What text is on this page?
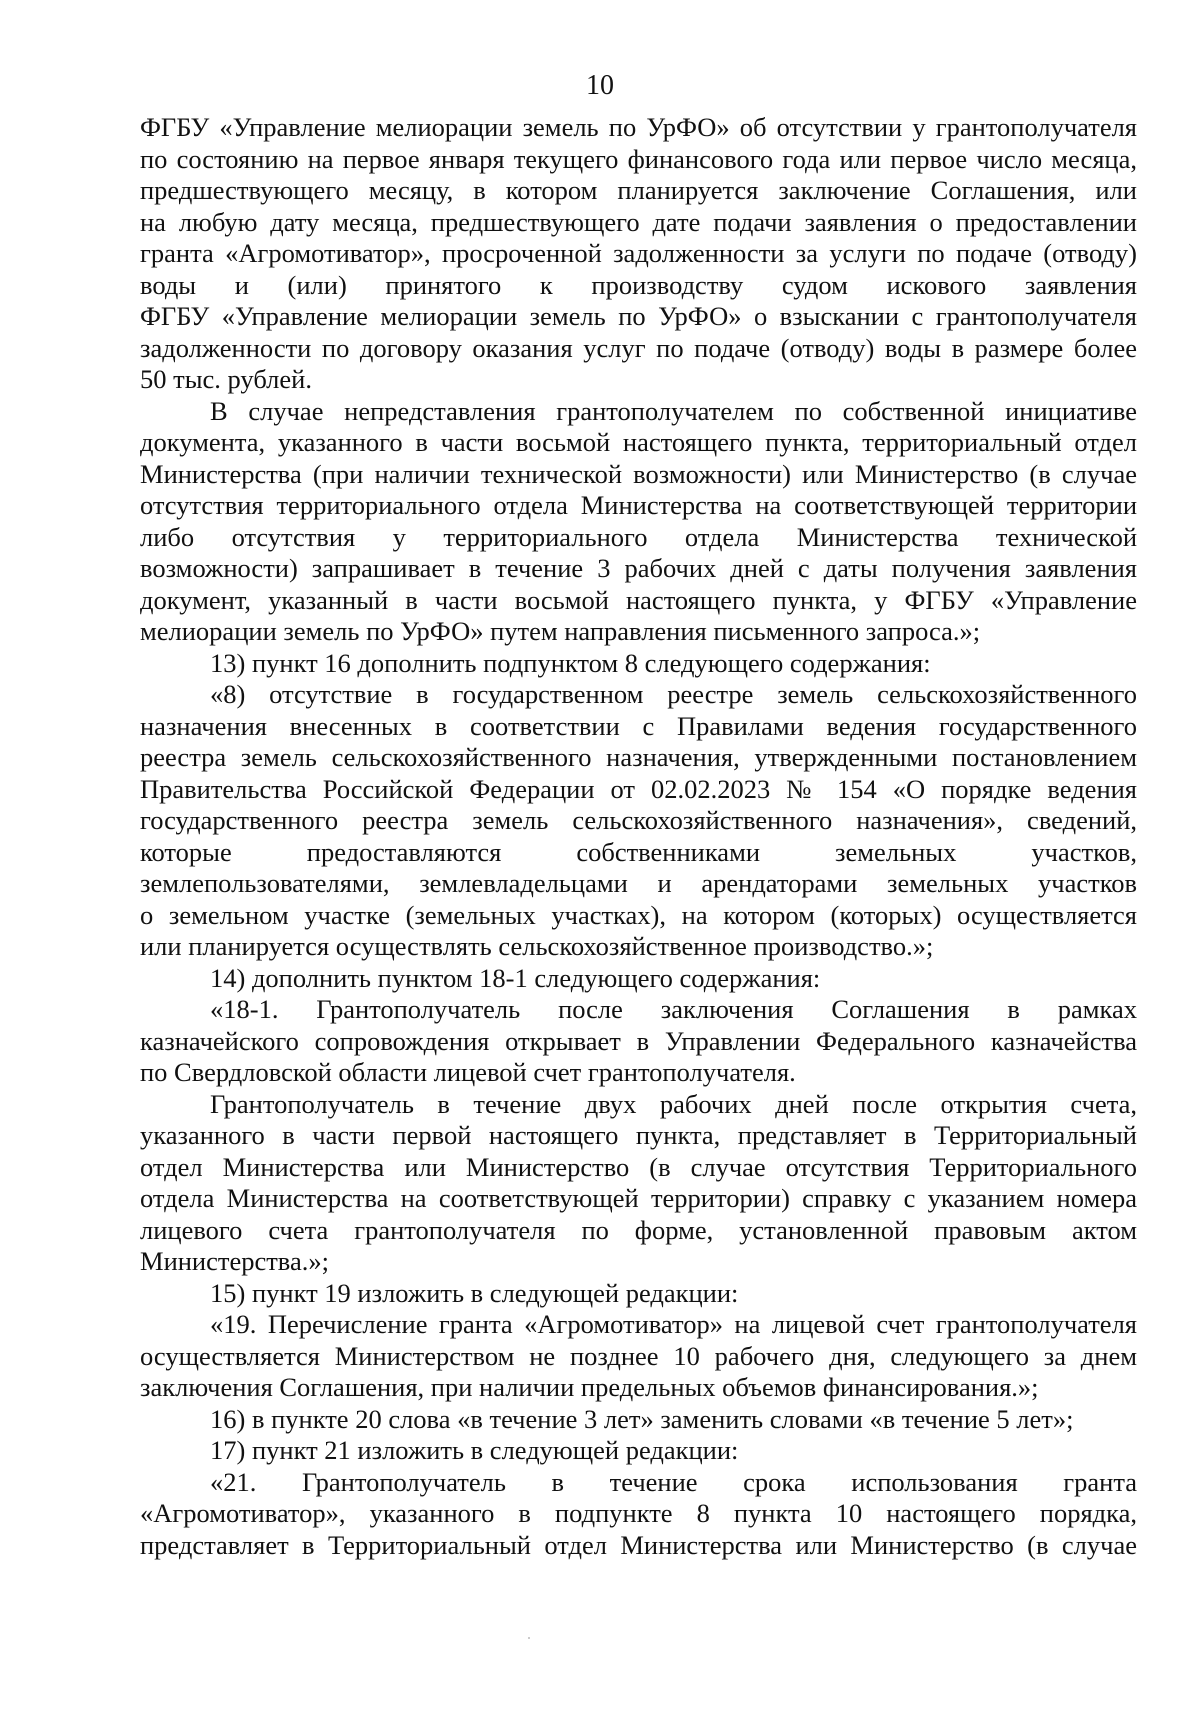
10

ФГБУ «Управление мелиорации земель по УрФО» об отсутствии у грантополучателя
по состоянию на первое января текущего финансового года или первое число месяца,
предшествующего месяцу, в котором планируется заключение Соглашения, или
на любую дату месяца, предшествующего дате подачи заявления о предоставлении
гранта «Агромотиватор», просроченной задолженности за услуги по подаче (отводу)
воды и (или) принятого к производству судом искового заявления
ФГБУ «Управление мелиорации земель по УрФО» о взыскании с грантополучателя
задолженности по договору оказания услуг по подаче (отводу) воды в размере более
50 тыс. рублей.

В случае непредставления грантополучателем по собственной инициативе
документа, указанного в части восьмой настоящего пункта, территориальный отдел
Министерства (при наличии технической возможности) или Министерство (в случае
отсутствия территориального отдела Министерства на соответствующей территории
либо отсутствия у территориального отдела Министерства технической
возможности) запрашивает в течение 3 рабочих дней с даты получения заявления
документ, указанный в части восьмой настоящего пункта, у ФГБУ «Управление
мелиорации земель по УрФО» путем направления письменного запроса.»;

13) пункт 16 дополнить подпунктом 8 следующего содержания:

«8) отсутствие в государственном реестре земель сельскохозяйственного
назначения внесенных в соответствии с Правилами ведения государственного
реестра земель сельскохозяйственного назначения, утвержденными постановлением
Правительства Российской Федерации от 02.02.2023 № 154 «О порядке ведения
государственного реестра земель сельскохозяйственного назначения», сведений,
которые предоставляются собственниками земельных участков,
землепользователями, землевладельцами и арендаторами земельных участков
о земельном участке (земельных участках), на котором (которых) осуществляется
или планируется осуществлять сельскохозяйственное производство.»;

14) дополнить пунктом 18-1 следующего содержания:

«18-1. Грантополучатель после заключения Соглашения в рамках
казначейского сопровождения открывает в Управлении Федерального казначейства
по Свердловской области лицевой счет грантополучателя.

Грантополучатель в течение двух рабочих дней после открытия счета,
указанного в части первой настоящего пункта, представляет в Территориальный
отдел Министерства или Министерство (в случае отсутствия Территориального
отдела Министерства на соответствующей территории) справку с указанием номера
лицевого счета грантополучателя по форме, установленной правовым актом
Министерства.»;

15) пункт 19 изложить в следующей редакции:

«19. Перечисление гранта «Агромотиватор» на лицевой счет грантополучателя
осуществляется Министерством не позднее 10 рабочего дня, следующего за днем
заключения Соглашения, при наличии предельных объемов финансирования.»;

16) в пункте 20 слова «в течение 3 лет» заменить словами «в течение 5 лет»;

17) пункт 21 изложить в следующей редакции:

«21. Грантополучатель в течение срока использования гранта
«Агромотиватор», указанного в подпункте 8 пункта 10 настоящего порядка,
представляет в Территориальный отдел Министерства или Министерство (в случае
